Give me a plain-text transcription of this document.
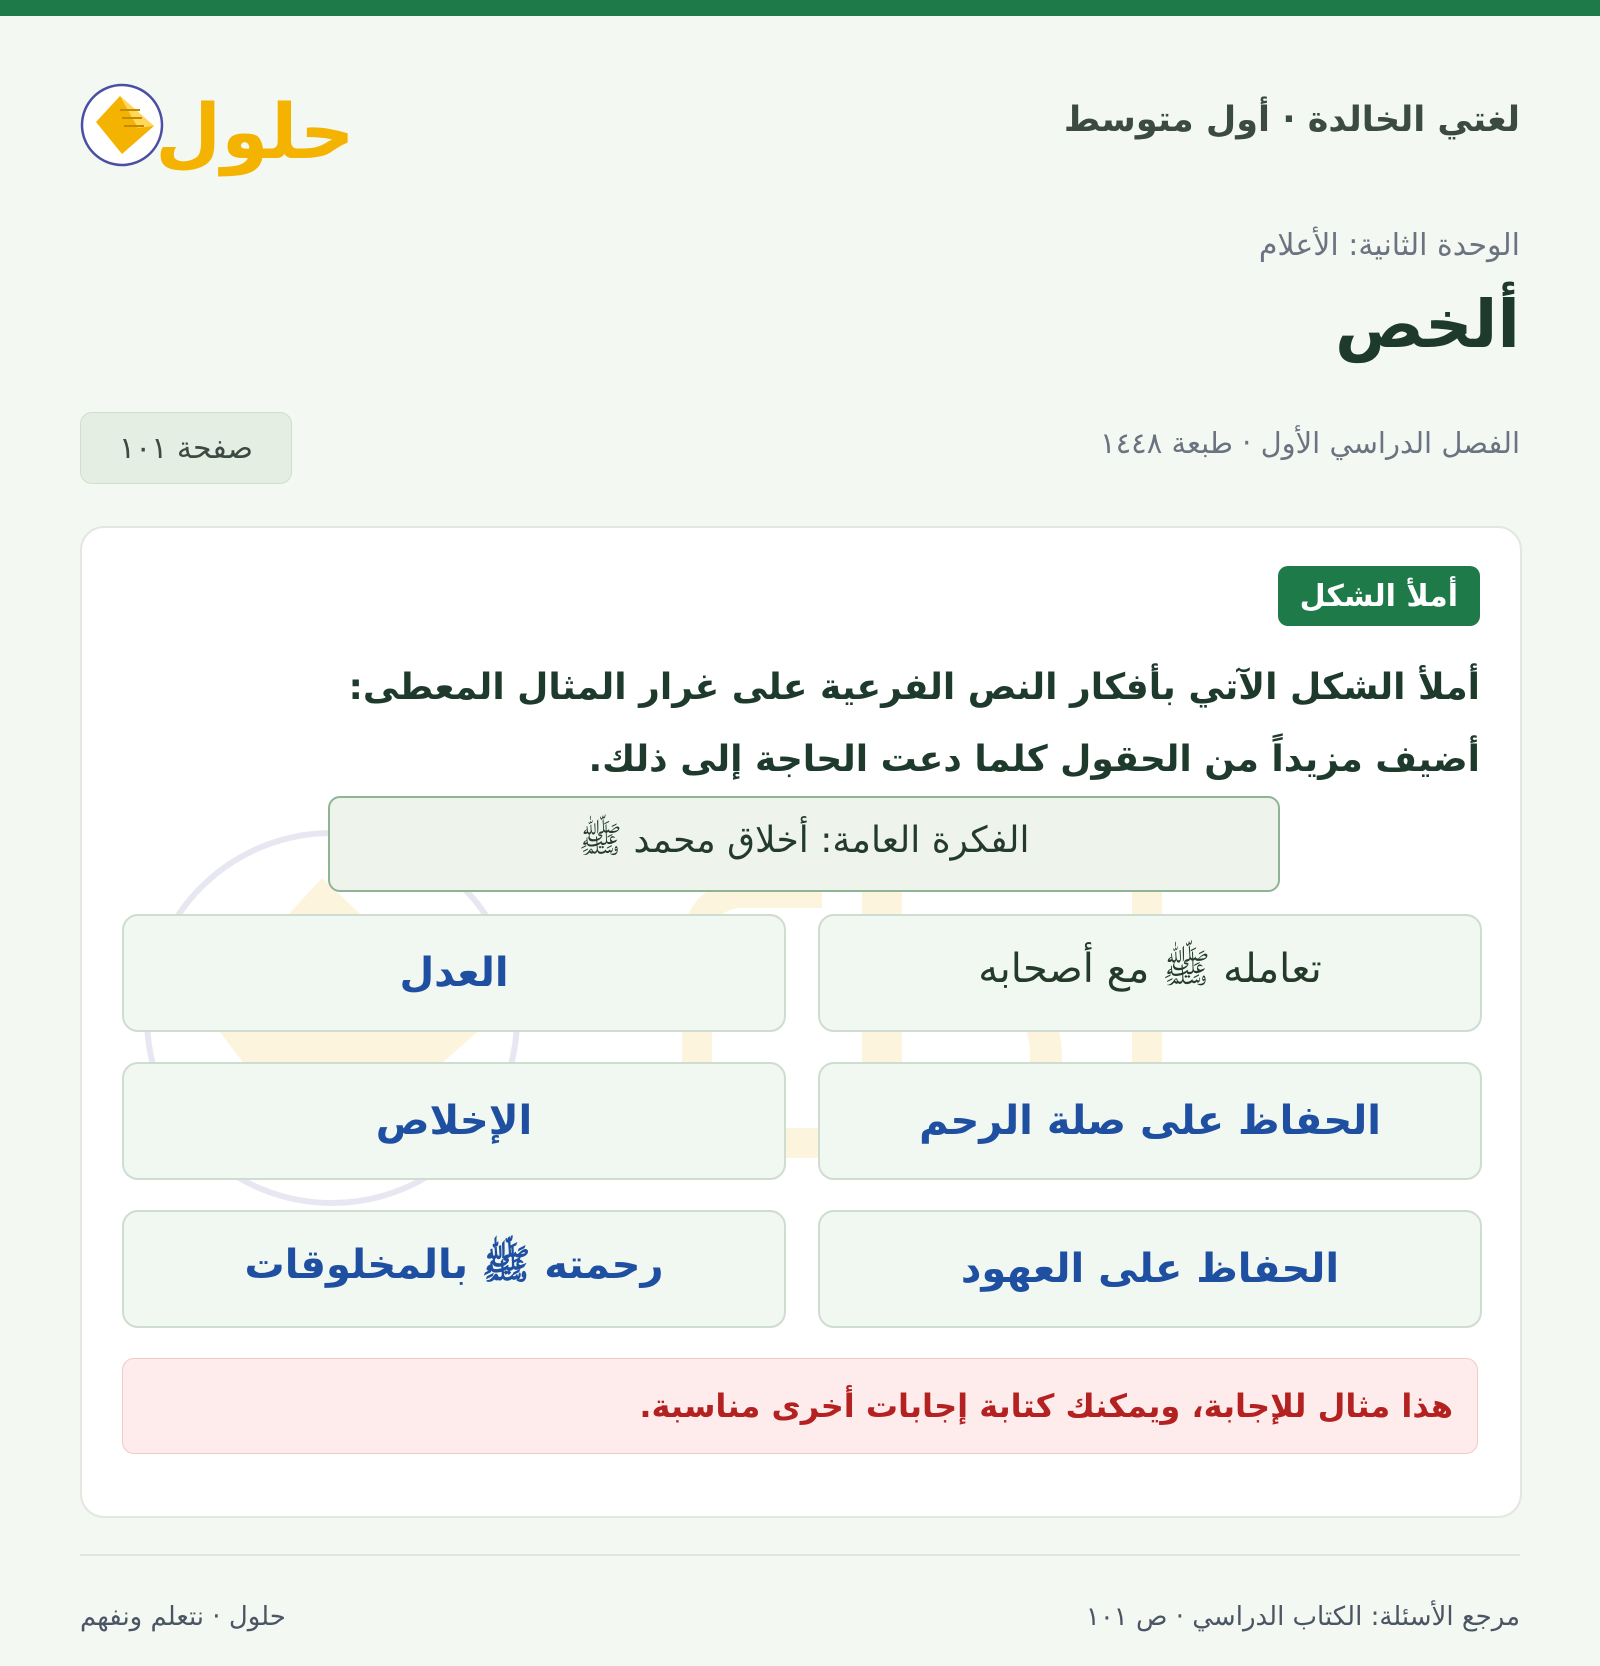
لغتي الخالدة · أول متوسط
حلول
الوحدة الثانية: الأعلام
ألخص
الفصل الدراسي الأول · طبعة ١٤٤٨
صفحة ١٠١
أملأ الشكل

أملأ الشكل الآتي بأفكار النص الفرعية على غرار المثال المعطى:

أضيف مزيداً من الحقول كلما دعت الحاجة إلى ذلك.

الفكرة العامة: أخلاق محمد ﷺ
تعامله ﷺ مع أصحابه
العدل
الحفاظ على صلة الرحم
الإخلاص
الحفاظ على العهود
رحمته ﷺ بالمخلوقات
هذا مثال للإجابة، ويمكنك كتابة إجابات أخرى مناسبة.
مرجع الأسئلة: الكتاب الدراسي · ص ١٠١
حلول · نتعلم ونفهم
